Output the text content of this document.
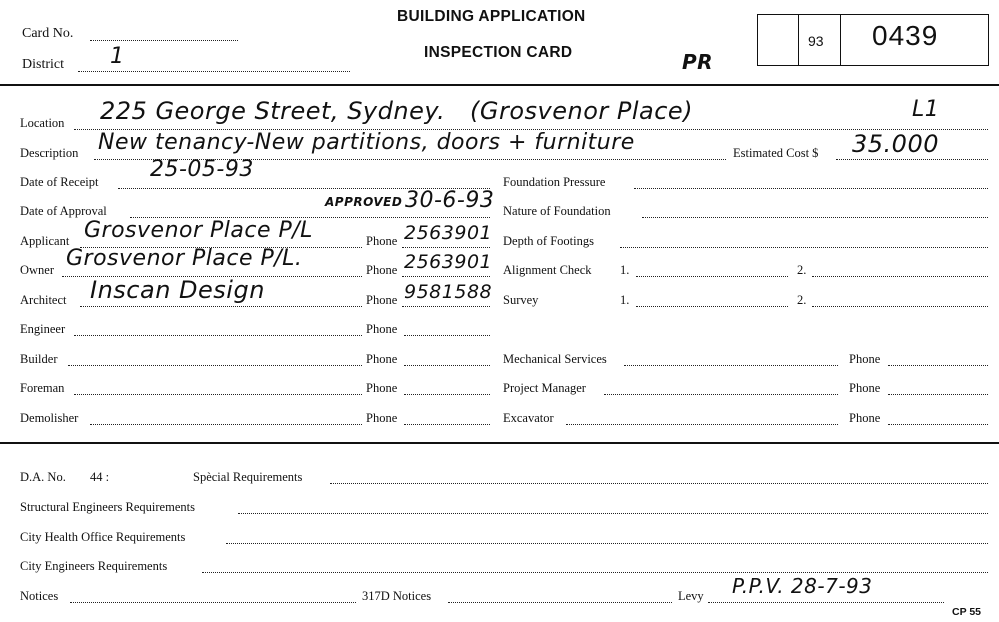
Card No.
District 1
BUILDING APPLICATION
INSPECTION CARD	PR
93 0439
Location 225 George Street, Sydney. (Grosvenor Place)	L1
Description New tenancy-New partitions, doors + furniture	Estimated Cost $ 35.000
Date of Receipt 25-05-93
Date of Approval
APPROVED 30-6-93
Applicant Grosvenor Place P/L	Phone 2563901
Owner Grosvenor Place P/L.	Phone 2563901
Architect Inscan Design	Phone 9581588
Engineer	Phone
Builder	Phone
Foreman	Phone
Demolisher	Phone
Foundation Pressure
Nature of Foundation
Depth of Footings
Alignment Check 1.	2.
Survey	1.	2.
Mechanical Services	Phone
Project Manager	Phone
Excavator	Phone
D.A. No. 44 :	Spècial Requirements
Structural Engineers Requirements
City Health Office Requirements
City Engineers Requirements
Notices	317D Notices	Levy P.P.V. 28-7-93
CP 55
